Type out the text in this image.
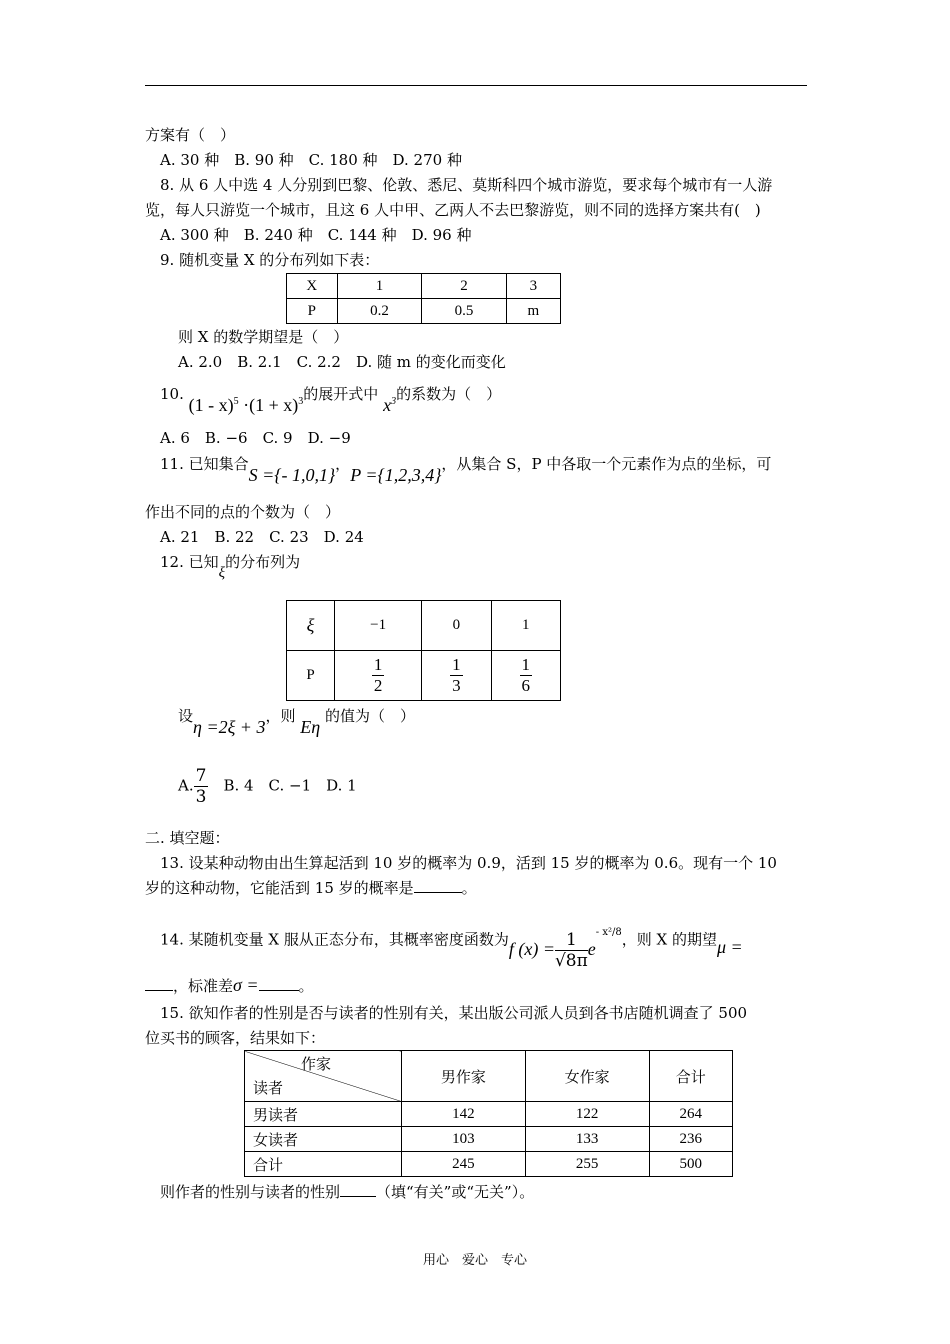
方案有（　）
A. 30 种　B. 90 种　C. 180 种　D. 270 种
8. 从 6 人中选 4 人分别到巴黎、伦敦、悉尼、莫斯科四个城市游览，要求每个城市有一人游
览，每人只游览一个城市，且这 6 人中甲、乙两人不去巴黎游览，则不同的选择方案共有(　)
A. 300 种　B. 240 种　C. 144 种　D. 96 种
9. 随机变量 X 的分布列如下表：
X	1	2	3
P	0.2	0.5	m
则 X 的数学期望是（　）
A. 2.0　B. 2.1　C. 2.2　D. 随 m 的变化而变化
10. $(1 - x)^5 \cdot(1 + x)^3$的展开式中 $x^3$的系数为（　）
A. 6　B. −6　C. 9　D. −9
11. 已知集合S ={- 1,0,1}，P ={1,2,3,4}，从集合 S，P 中各取一个元素作为点的坐标，可
作出不同的点的个数为（　）
A. 21　B. 22　C. 23　D. 24
12. 已知ξ的分布列为
ξ	−1	0	1
P	$\frac{1}{2}$	$\frac{1}{3}$	$\frac{1}{6}$
设η =2ξ + 3，则 Eη 的值为（　）
A. $\frac{7}{3}$
　 B. 4　C. −1　D. 1
二. 填空题：
13. 设某种动物由出生算起活到 10 岁的概率为 0.9，活到 15 岁的概率为 0.6。现有一个 10
岁的这种动物，它能活到 15 岁的概率是	。
14. 某随机变量 X 服从正态分布，其概率密度函数为f $(x) = \frac{1}{√8\pi} e^{- x^2/8}$，则 X 的期望μ =
，标准差σ =	。
15. 欲知作者的性别是否与读者的性别有关，某出版公司派人员到各书店随机调查了 500
位买书的顾客，结果如下：
作家
读者	男作家	女作家	合计
男读者	142	122	264
女读者	103	133	236
合计	245	255	500
则作者的性别与读者的性别 （填“有关”或“无关”）。
用心　爱心　专心
